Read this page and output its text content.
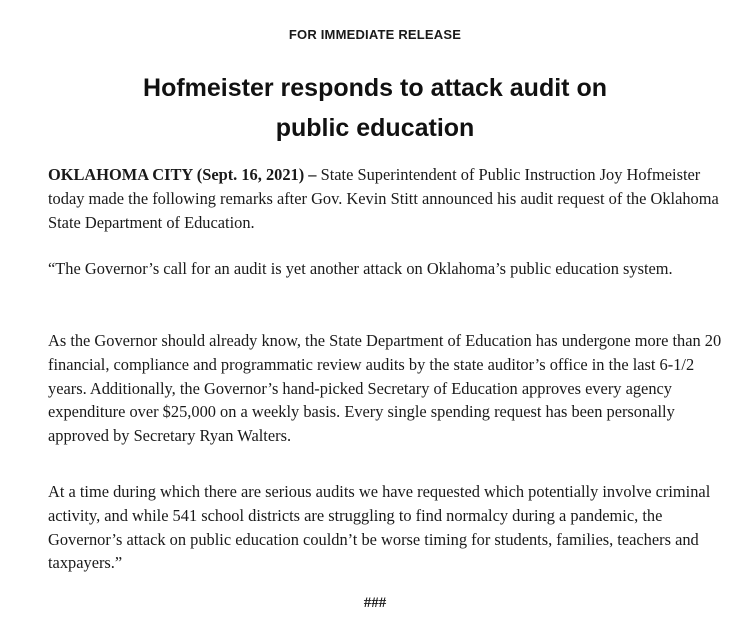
FOR IMMEDIATE RELEASE
Hofmeister responds to attack audit on
public education

OKLAHOMA CITY (Sept. 16, 2021) – State Superintendent of Public Instruction Joy Hofmeister today made the following remarks after Gov. Kevin Stitt announced his audit request of the Oklahoma State Department of Education.

“The Governor’s call for an audit is yet another attack on Oklahoma’s public education system.

As the Governor should already know, the State Department of Education has undergone more than 20 financial, compliance and programmatic review audits by the state auditor’s office in the last 6-1/2 years. Additionally, the Governor’s hand-picked Secretary of Education approves every agency expenditure over $25,000 on a weekly basis. Every single spending request has been personally approved by Secretary Ryan Walters.

At a time during which there are serious audits we have requested which potentially involve criminal activity, and while 541 school districts are struggling to find normalcy during a pandemic, the Governor’s attack on public education couldn’t be worse timing for students, families, teachers and taxpayers.”

###
